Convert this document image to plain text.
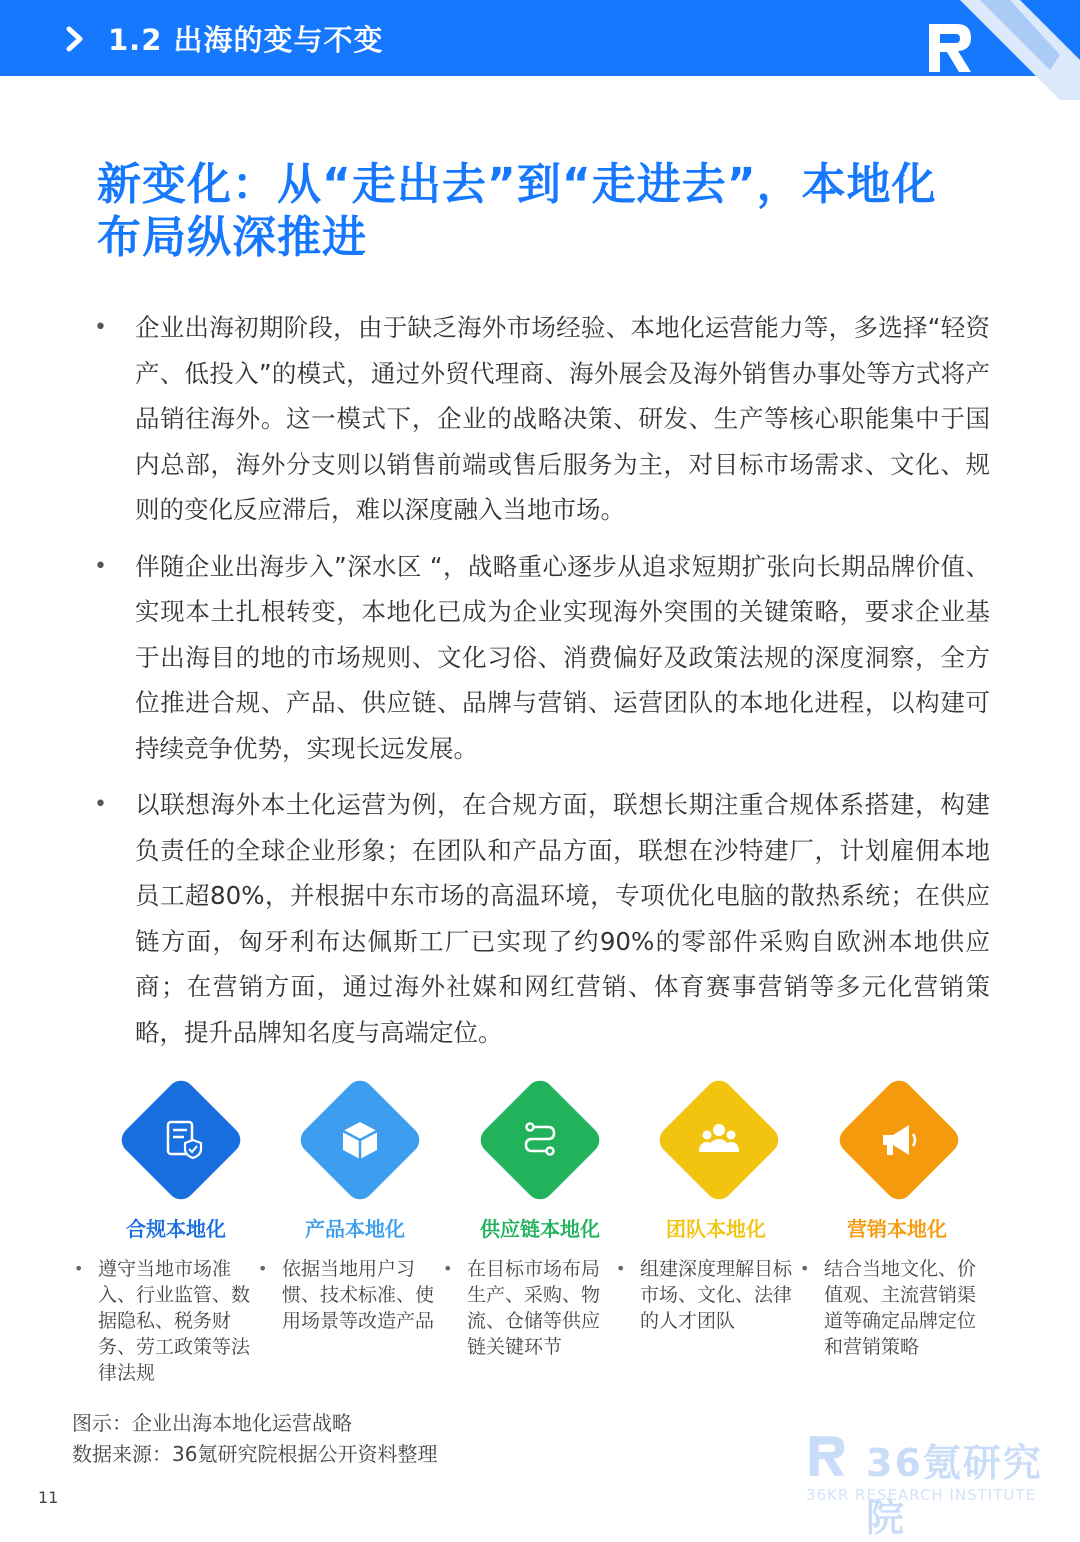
1.2 出海的变与不变
新变化：从“走出去”到“走进去”，本地化
布局纵深推进
• 企业出海初期阶段，由于缺乏海外市场经验、本地化运营能力等，多选择“轻资产、低投入”的模式，通过外贸代理商、海外展会及海外销售办事处等方式将产品销往海外。这一模式下，企业的战略决策、研发、生产等核心职能集中于国内总部，海外分支则以销售前端或售后服务为主，对目标市场需求、文化、规则的变化反应滞后，难以深度融入当地市场。
• 伴随企业出海步入”深水区 “，战略重心逐步从追求短期扩张向长期品牌价值、实现本土扎根转变，本地化已成为企业实现海外突围的关键策略，要求企业基于出海目的地的市场规则、文化习俗、消费偏好及政策法规的深度洞察，全方位推进合规、产品、供应链、品牌与营销、运营团队的本地化进程，以构建可持续竞争优势，实现长远发展。
• 以联想海外本土化运营为例，在合规方面，联想长期注重合规体系搭建，构建负责任的全球企业形象；在团队和产品方面，联想在沙特建厂，计划雇佣本地员工超80%，并根据中东市场的高温环境，专项优化电脑的散热系统；在供应链方面，匈牙利布达佩斯工厂已实现了约90%的零部件采购自欧洲本地供应商；在营销方面，通过海外社媒和网红营销、体育赛事营销等多元化营销策略，提升品牌知名度与高端定位。
合规本地化	产品本地化	供应链本地化	团队本地化	营销本地化
• 遵守当地市场准入、行业监管、数据隐私、税务财务、劳工政策等法律法规
• 依据当地用户习惯、技术标准、使用场景等改造产品
• 在目标市场布局生产、采购、物流、仓储等供应链关键环节
• 组建深度理解目标市场、文化、法律的人才团队
• 结合当地文化、价值观、主流营销渠道等确定品牌定位和营销策略
图示：企业出海本地化运营战略
数据来源：36氪研究院根据公开资料整理	36氪研究院
36KR RESEARCH INSTITUTE
11
